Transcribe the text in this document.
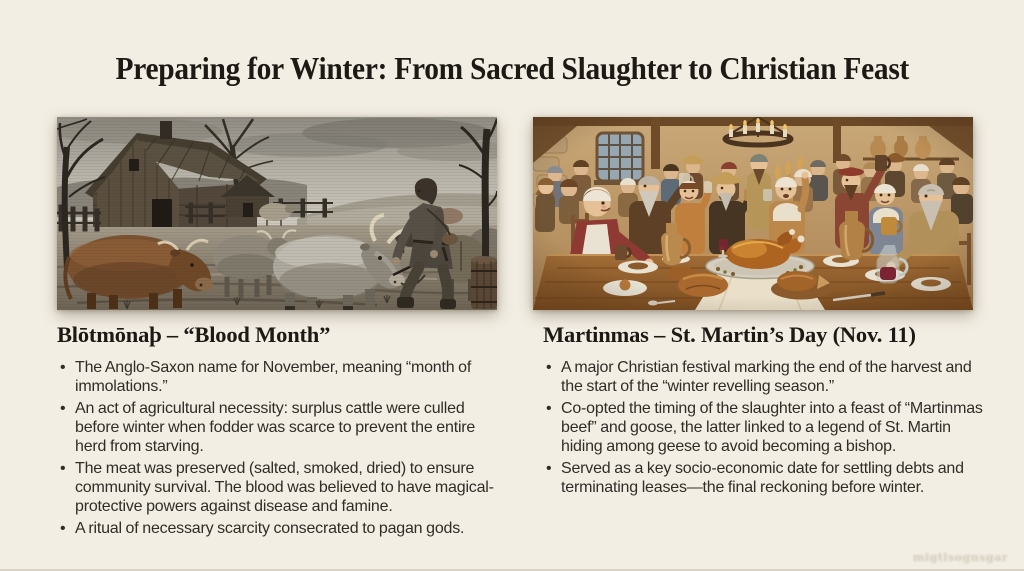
Preparing for Winter: From Sacred Slaughter to Christian Feast
Blōtmōnaþ – “Blood Month”
• The Anglo-Saxon name for November, meaning “month of immolations.”
• An act of agricultural necessity: surplus cattle were culled before winter when fodder was scarce to prevent the entire herd from starving.
• The meat was preserved (salted, smoked, dried) to ensure community survival. The blood was believed to have magical-protective powers against disease and famine.
• A ritual of necessary scarcity consecrated to pagan gods.
Martinmas – St. Martin’s Day (Nov. 11)
• A major Christian festival marking the end of the harvest and the start of the “winter revelling season.”
• Co-opted the timing of the slaughter into a feast of “Martinmas beef” and goose, the latter linked to a legend of St. Martin hiding among geese to avoid becoming a bishop.
• Served as a key socio-economic date for settling debts and terminating leases—the final reckoning before winter.
migtlsognsgar
